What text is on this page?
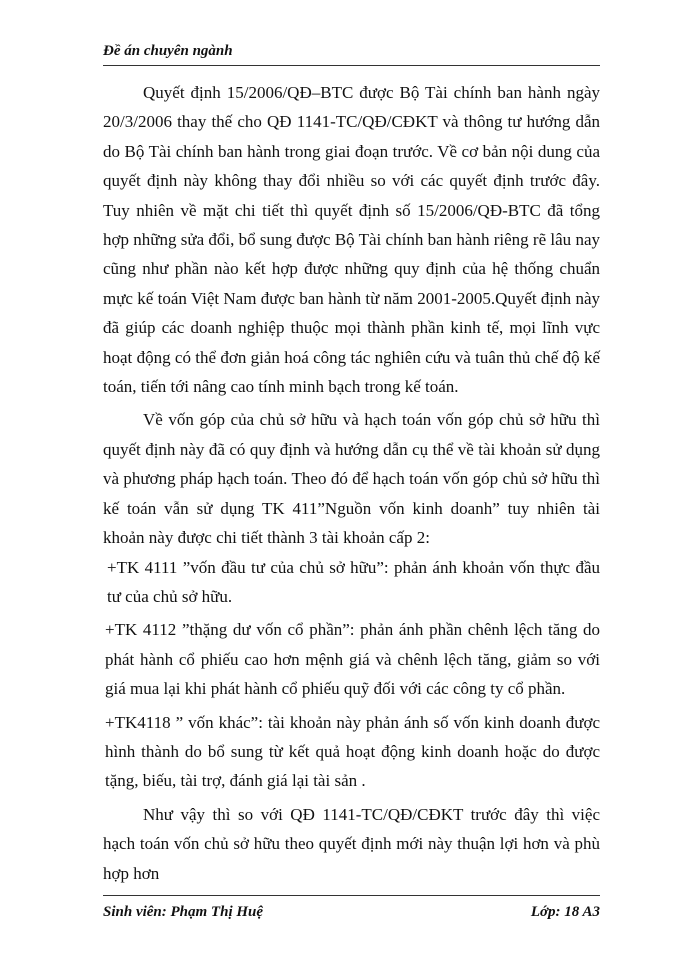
Đề án chuyên ngành

Quyết định 15/2006/QĐ–BTC được Bộ Tài chính ban hành ngày 20/3/2006 thay thế cho QĐ 1141-TC/QĐ/CĐKT và thông tư hướng dẫn do Bộ Tài chính ban hành trong giai đoạn trước. Về cơ bản nội dung của quyết định này không thay đổi nhiều so với các quyết định trước đây. Tuy nhiên về mặt chi tiết thì quyết định số 15/2006/QĐ-BTC đã tổng hợp những sửa đổi, bổ sung được Bộ Tài chính ban hành riêng rẽ lâu nay cũng như phần nào kết hợp được những quy định của hệ thống chuẩn mực kế toán Việt Nam được ban hành từ năm 2001-2005.Quyết định này đã giúp các doanh nghiệp thuộc mọi thành phần kinh tế, mọi lĩnh vực hoạt động có thể đơn giản hoá công tác nghiên cứu và tuân thủ chế độ kế toán, tiến tới nâng cao tính minh bạch trong kế toán.

Về vốn góp của chủ sở hữu và hạch toán vốn góp chủ sở hữu thì quyết định này đã có quy định và hướng dẫn cụ thể về tài khoản sử dụng và phương pháp hạch toán. Theo đó để hạch toán vốn góp chủ sở hữu thì kế toán vẫn sử dụng TK 411”Nguồn vốn kinh doanh” tuy nhiên tài khoản này được chi tiết thành 3 tài khoản cấp 2:

+TK 4111 ”vốn đầu tư của chủ sở hữu”: phản ánh khoản vốn thực đầu tư của chủ sở hữu.

+TK 4112 ”thặng dư vốn cổ phần”: phản ánh phần chênh lệch tăng do phát hành cổ phiếu cao hơn mệnh giá và chênh lệch tăng, giảm so với giá mua lại khi phát hành cổ phiếu quỹ đối với các công ty cổ phần.

+TK4118 ” vốn khác”: tài khoản này phản ánh số vốn kinh doanh được hình thành do bổ sung từ kết quả hoạt động kinh doanh hoặc do được tặng, biếu, tài trợ, đánh giá lại tài sản .

Như vậy thì so với QĐ 1141-TC/QĐ/CĐKT trước đây thì việc hạch toán vốn chủ sở hữu theo quyết định mới này thuận lợi hơn và phù hợp hơn

Sinh viên: Phạm Thị Huệ	Lớp: 18 A3
